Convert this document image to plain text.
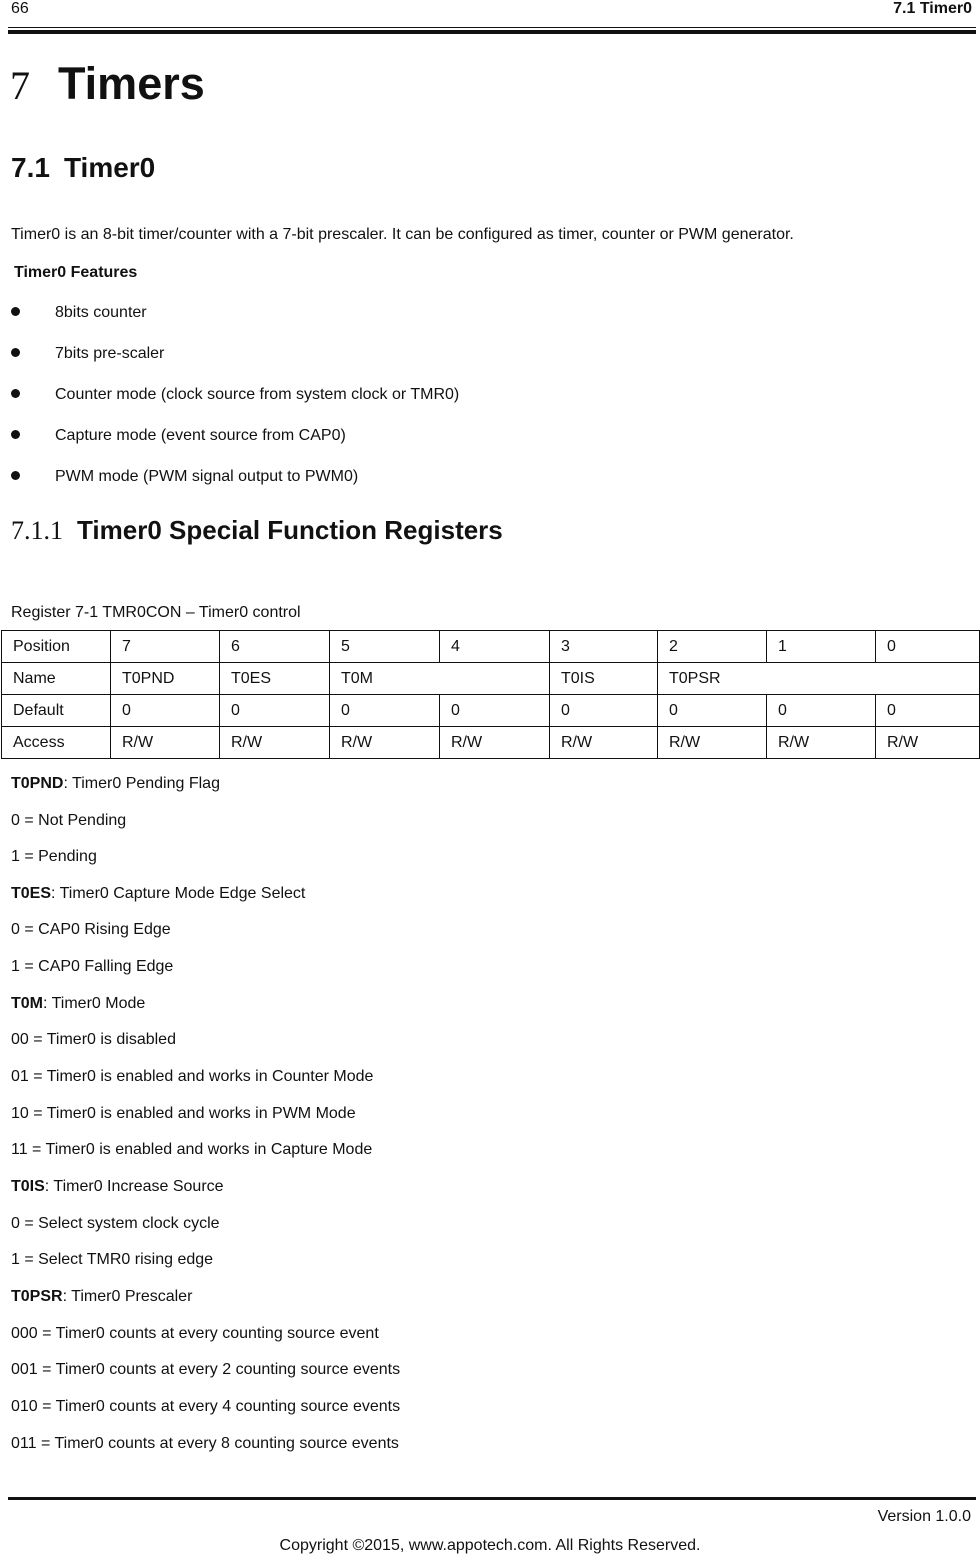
66	7.1 Timer0
7 Timers
7.1 Timer0
Timer0 is an 8-bit timer/counter with a 7-bit prescaler. It can be configured as timer, counter or PWM generator.
Timer0 Features
8bits counter
7bits pre-scaler
Counter mode (clock source from system clock or TMR0)
Capture mode (event source from CAP0)
PWM mode (PWM signal output to PWM0)
7.1.1 Timer0 Special Function Registers
Register 7-1 TMR0CON – Timer0 control
Position	7	6	5	4	3	2	1	0
Name	T0PND	T0ES	T0M		T0IS	T0PSR		
Default	0	0	0	0	0	0	0	0
Access	R/W	R/W	R/W	R/W	R/W	R/W	R/W	R/W
T0PND: Timer0 Pending Flag
0 = Not Pending
1 = Pending
T0ES: Timer0 Capture Mode Edge Select
0 = CAP0 Rising Edge
1 = CAP0 Falling Edge
T0M: Timer0 Mode
00 = Timer0 is disabled
01 = Timer0 is enabled and works in Counter Mode
10 = Timer0 is enabled and works in PWM Mode
11 = Timer0 is enabled and works in Capture Mode
T0IS: Timer0 Increase Source
0 = Select system clock cycle
1 = Select TMR0 rising edge
T0PSR: Timer0 Prescaler
000 = Timer0 counts at every counting source event
001 = Timer0 counts at every 2 counting source events
010 = Timer0 counts at every 4 counting source events
011 = Timer0 counts at every 8 counting source events
Version 1.0.0
Copyright ©2015, www.appotech.com. All Rights Reserved.
